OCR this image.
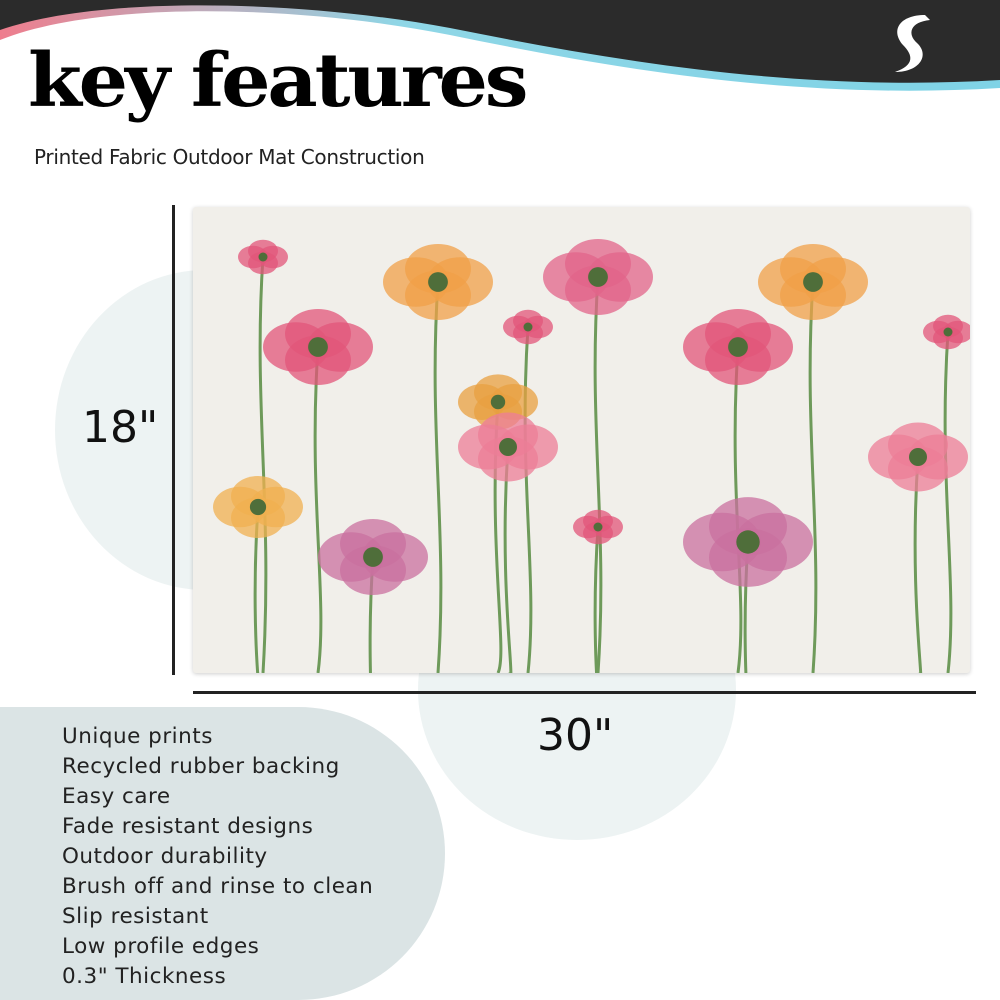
key features
Printed Fabric Outdoor Mat Construction
18"
30"
Unique prints
Recycled rubber backing
Easy care
Fade resistant designs
Outdoor durability
Brush off and rinse to clean
Slip resistant
Low profile edges
0.3" Thickness
